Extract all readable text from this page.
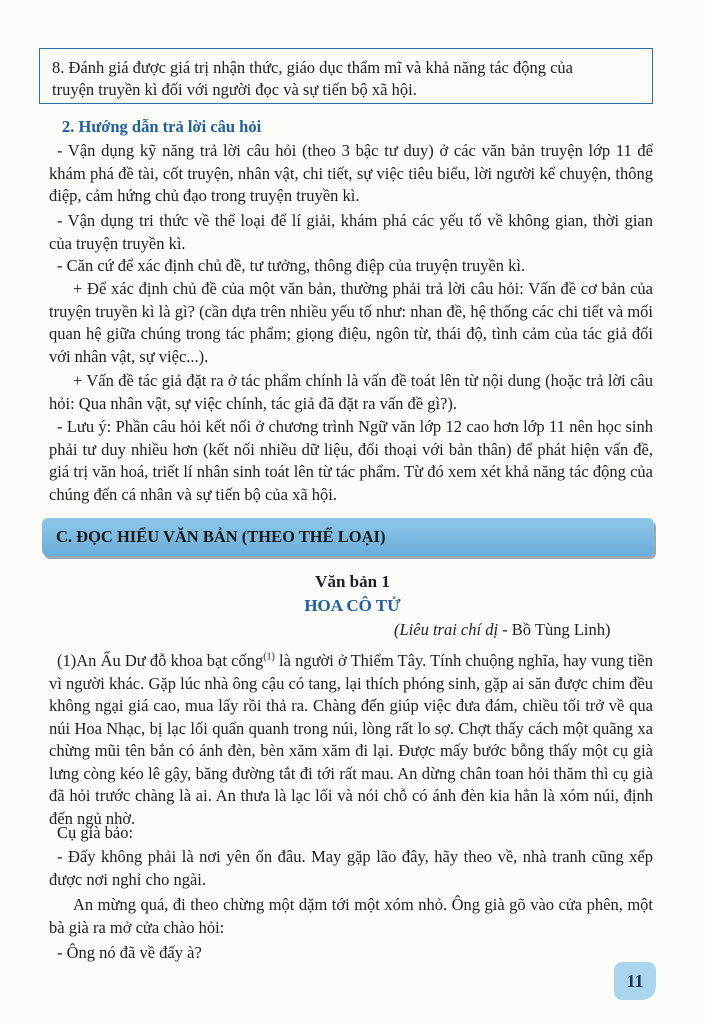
8. Đánh giá được giá trị nhận thức, giáo dục thẩm mĩ và khả năng tác động của
truyện truyền kì đối với người đọc và sự tiến bộ xã hội.
2. Hướng dẫn trả lời câu hỏi
- Vận dụng kỹ năng trả lời câu hỏi (theo 3 bậc tư duy) ở các văn bản truyện lớp 11 để khám phá đề tài, cốt truyện, nhân vật, chi tiết, sự việc tiêu biểu, lời người kể chuyện, thông điệp, cảm hứng chủ đạo trong truyện truyền kì.
- Vận dụng tri thức về thể loại để lí giải, khám phá các yếu tố về không gian, thời gian của truyện truyền kì.
- Căn cứ để xác định chủ đề, tư tưởng, thông điệp của truyện truyền kì.
+ Để xác định chủ đề của một văn bản, thường phải trả lời câu hỏi: Vấn đề cơ bản của truyện truyền kì là gì? (cần dựa trên nhiều yếu tố như: nhan đề, hệ thống các chi tiết và mối quan hệ giữa chúng trong tác phẩm; giọng điệu, ngôn từ, thái độ, tình cảm của tác giả đối với nhân vật, sự việc...).
+ Vấn đề tác giả đặt ra ở tác phẩm chính là vấn đề toát lên từ nội dung (hoặc trả lời câu hỏi: Qua nhân vật, sự việc chính, tác giả đã đặt ra vấn đề gì?).
- Lưu ý: Phần câu hỏi kết nối ở chương trình Ngữ văn lớp 12 cao hơn lớp 11 nên học sinh phải tư duy nhiều hơn (kết nối nhiều dữ liệu, đối thoại với bản thân) để phát hiện vấn đề, giá trị văn hoá, triết lí nhân sinh toát lên từ tác phẩm. Từ đó xem xét khả năng tác động của chúng đến cá nhân và sự tiến bộ của xã hội.
C. ĐỌC HIỂU VĂN BẢN (THEO THỂ LOẠI)
Văn bản 1
HOA CÔ TỬ
(Liêu trai chí dị - Bồ Tùng Linh)
(1)An Ấu Dư đỗ khoa bạt cống$^{(1)}$ là người ở Thiểm Tây. Tính chuộng nghĩa, hay vung tiền vì người khác. Gặp lúc nhà ông cậu có tang, lại thích phóng sinh, gặp ai săn được chim đều không ngại giá cao, mua lấy rồi thả ra. Chàng đến giúp việc đưa đám, chiều tối trở về qua núi Hoa Nhạc, bị lạc lối quẩn quanh trong núi, lòng rất lo sợ. Chợt thấy cách một quãng xa chừng mũi tên bắn có ánh đèn, bèn xăm xăm đi lại. Được mấy bước bỗng thấy một cụ già lưng còng kéo lê gậy, băng đường tắt đi tới rất mau. An dừng chân toan hỏi thăm thì cụ già đã hỏi trước chàng là ai. An thưa là lạc lối và nói chỗ có ánh đèn kia hẳn là xóm núi, định đến ngủ nhờ.
Cụ già bảo:
- Đấy không phải là nơi yên ổn đâu. May gặp lão đây, hãy theo về, nhà tranh cũng xếp được nơi nghỉ cho ngài.
An mừng quá, đi theo chừng một dặm tới một xóm nhỏ. Ông già gõ vào cửa phên, một bà già ra mở cửa chào hỏi:
- Ông nó đã về đấy à?
11
